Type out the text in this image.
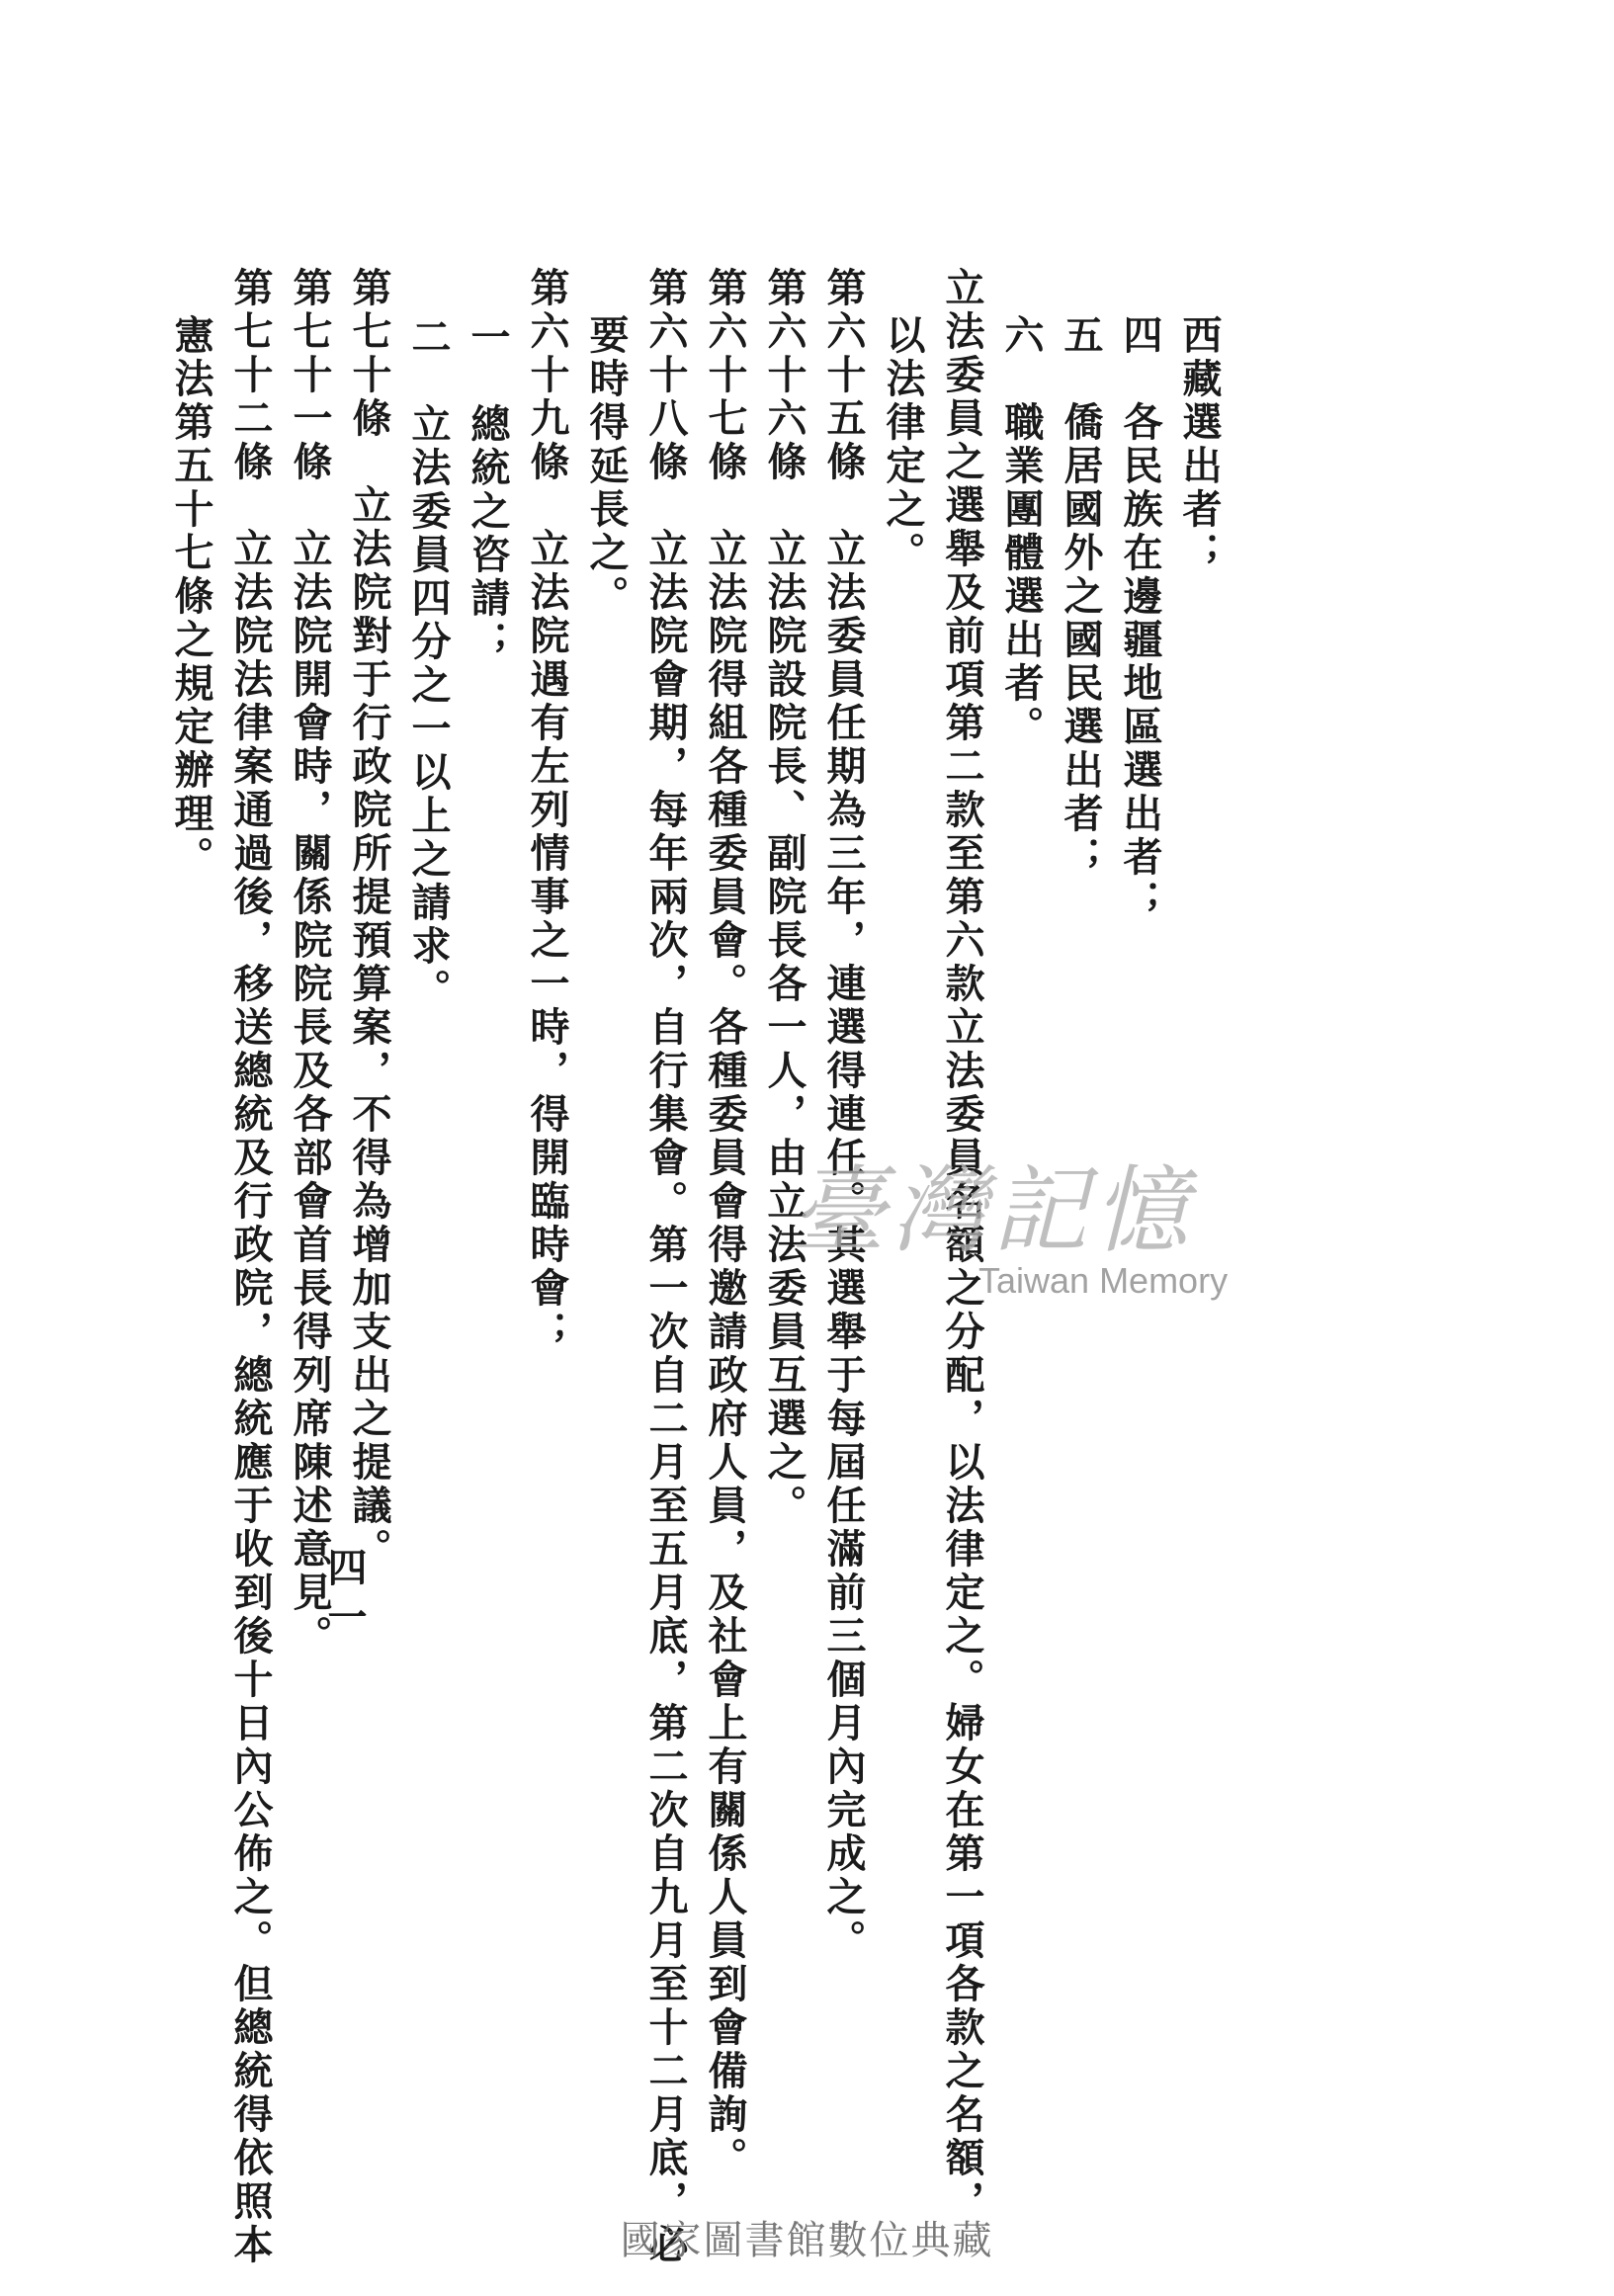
西藏選出者；
四　各民族在邊疆地區選出者；
五　僑居國外之國民選出者；
六　職業團體選出者。
立法委員之選舉及前項第二款至第六款立法委員名額之分配，以法律定之。婦女在第一項各款之名額，
以法律定之。
第六十五條　立法委員任期為三年，連選得連任。其選舉于每屆任滿前三個月內完成之。
第六十六條　立法院設院長、副院長各一人，由立法委員互選之。
第六十七條　立法院得組各種委員會。各種委員會得邀請政府人員，及社會上有關係人員到會備詢。
第六十八條　立法院會期，每年兩次，自行集會。第一次自二月至五月底，第二次自九月至十二月底，必
要時得延長之。
第六十九條　立法院遇有左列情事之一時，得開臨時會；
一　總統之咨請；
二　立法委員四分之一以上之請求。
第七十條　立法院對于行政院所提預算案，不得為增加支出之提議。
第七十一條　立法院開會時，關係院院長及各部會首長得列席陳述意見。
第七十二條　立法院法律案通過後，移送總統及行政院，總統應于收到後十日內公佈之。但總統得依照本
憲法第五十七條之規定辦理。
四一
臺灣記憶
Taiwan Memory
國家圖書館數位典藏
